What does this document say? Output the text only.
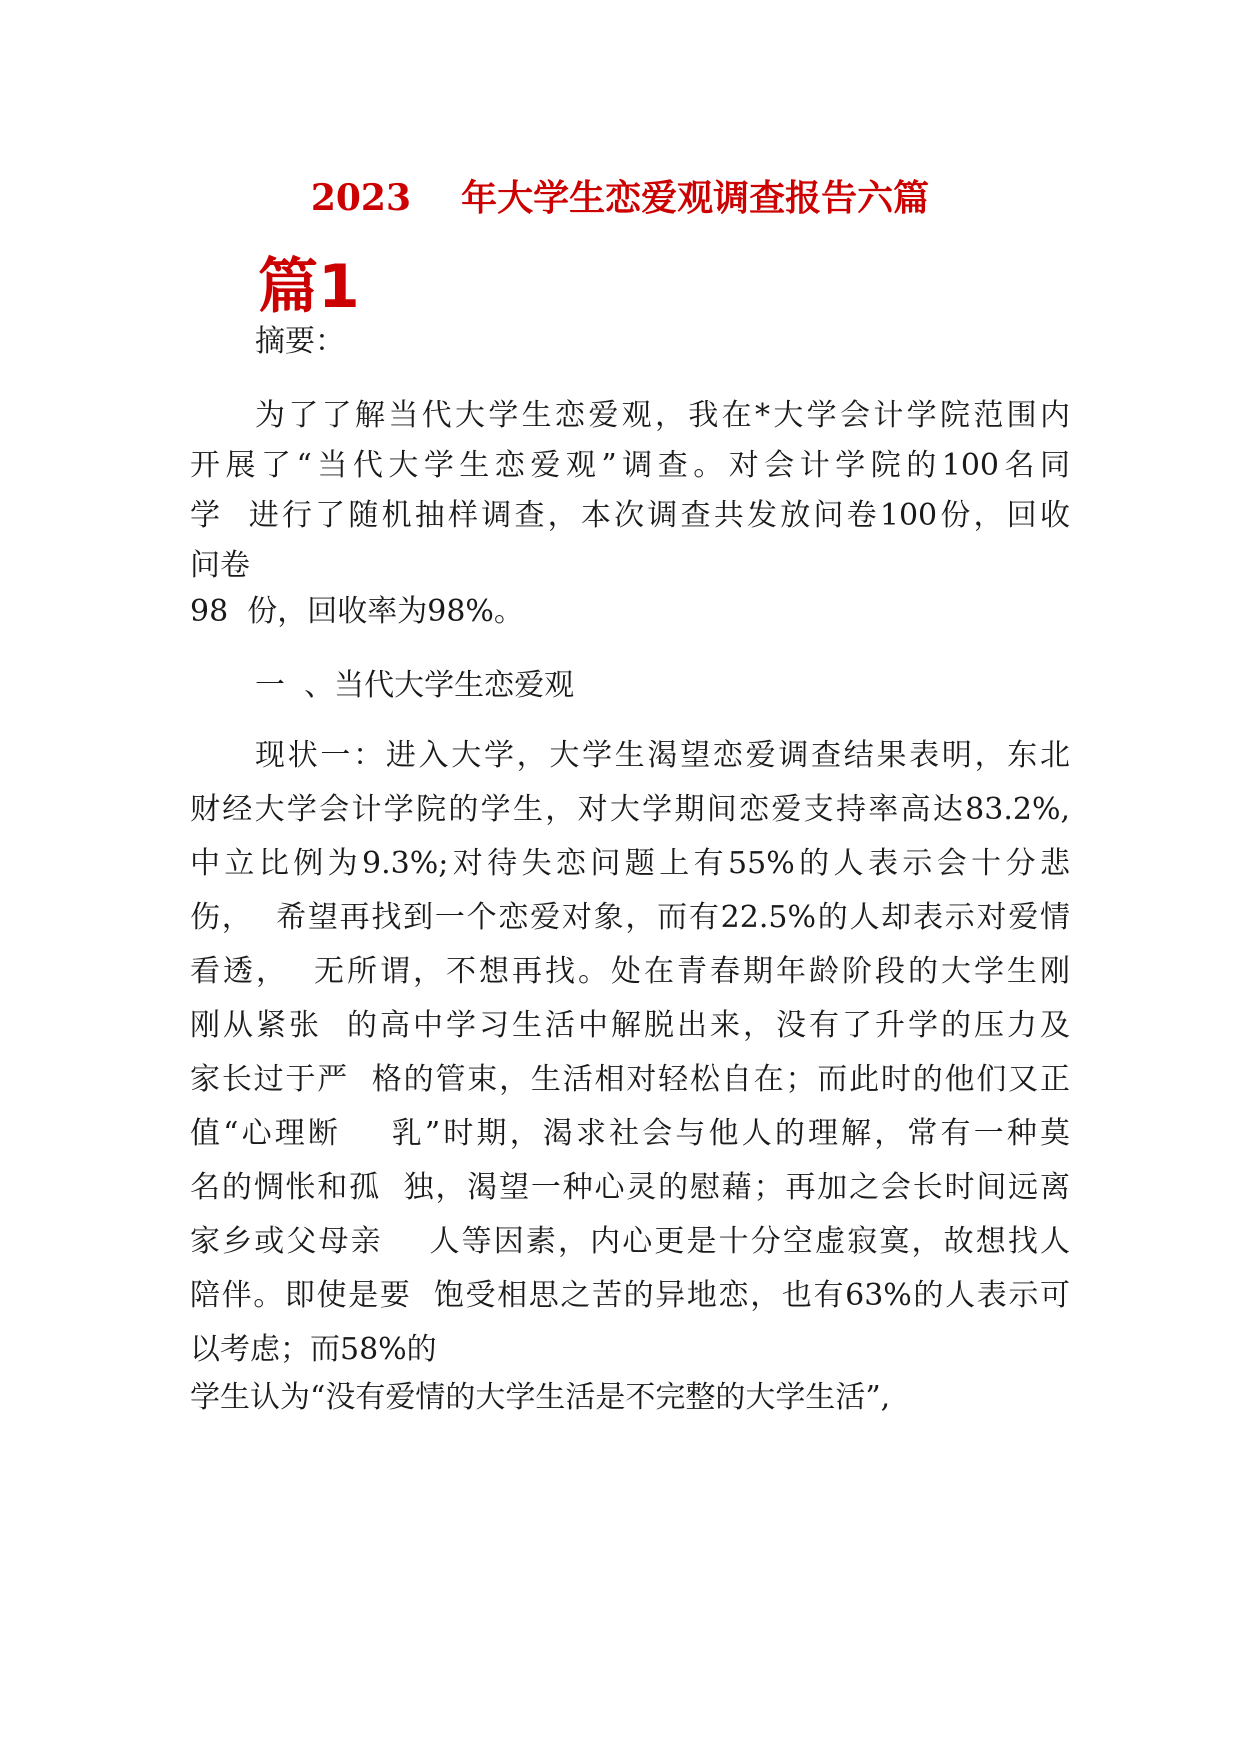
2023    年大学生恋爱观调查报告六篇
篇1
摘要：
为了了解当代大学生恋爱观，我在*大学会计学院范围内
开展了“当代大学生恋爱观”调查。对会计学院的100名同
学  进行了随机抽样调查，本次调查共发放问卷100份，回收
问卷
98  份，回收率为98%。
一  、当代大学生恋爱观
现状一：进入大学，大学生渴望恋爱调查结果表明，东北
财经大学会计学院的学生，对大学期间恋爱支持率高达83.2%,
中立比例为9.3%;对待失恋问题上有55%的人表示会十分悲
伤，  希望再找到一个恋爱对象，而有22.5%的人却表示对爱情
看透，  无所谓，不想再找。处在青春期年龄阶段的大学生刚
刚从紧张  的高中学习生活中解脱出来，没有了升学的压力及
家长过于严  格的管束，生活相对轻松自在；而此时的他们又正
值“心理断    乳”时期，渴求社会与他人的理解，常有一种莫
名的惆怅和孤  独，渴望一种心灵的慰藉；再加之会长时间远离
家乡或父母亲    人等因素，内心更是十分空虚寂寞，故想找人
陪伴。即使是要  饱受相思之苦的异地恋，也有63%的人表示可
以考虑；而58%的
学生认为“没有爱情的大学生活是不完整的大学生活”,
